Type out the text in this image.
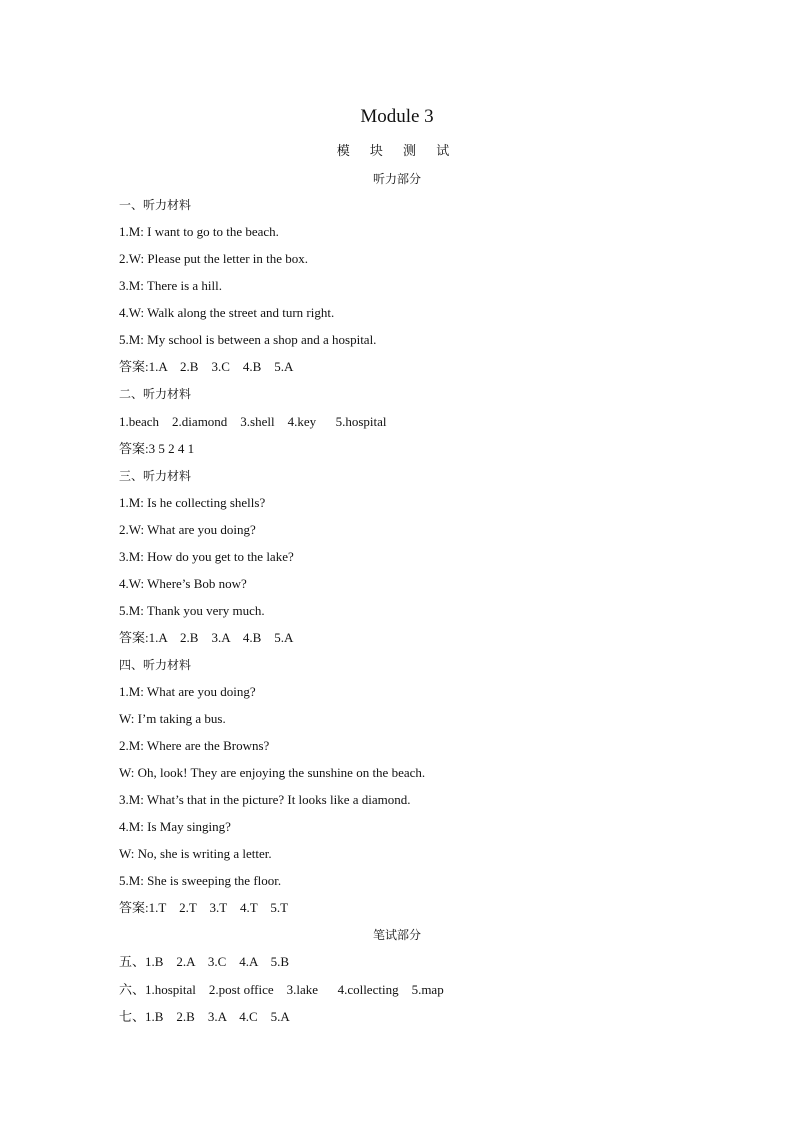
Module 3
模 块 测 试
听力部分
一、听力材料
1.M: I want to go to the beach.
2.W: Please put the letter in the box.
3.M: There is a hill.
4.W: Walk along the street and turn right.
5.M: My school is between a shop and a hospital.
答案:1.A    2.B    3.C    4.B    5.A
二、听力材料
1.beach    2.diamond    3.shell    4.key      5.hospital
答案:3 5 2 4 1
三、听力材料
1.M: Is he collecting shells?
2.W: What are you doing?
3.M: How do you get to the lake?
4.W: Where’s Bob now?
5.M: Thank you very much.
答案:1.A    2.B    3.A    4.B    5.A
四、听力材料
1.M: What are you doing?
W: I’m taking a bus.
2.M: Where are the Browns?
W: Oh, look! They are enjoying the sunshine on the beach.
3.M: What’s that in the picture? It looks like a diamond.
4.M: Is May singing?
W: No, she is writing a letter.
5.M: She is sweeping the floor.
答案:1.T    2.T    3.T    4.T    5.T
笔试部分
五、1.B    2.A    3.C    4.A    5.B
六、1.hospital    2.post office    3.lake      4.collecting    5.map
七、1.B    2.B    3.A    4.C    5.A
